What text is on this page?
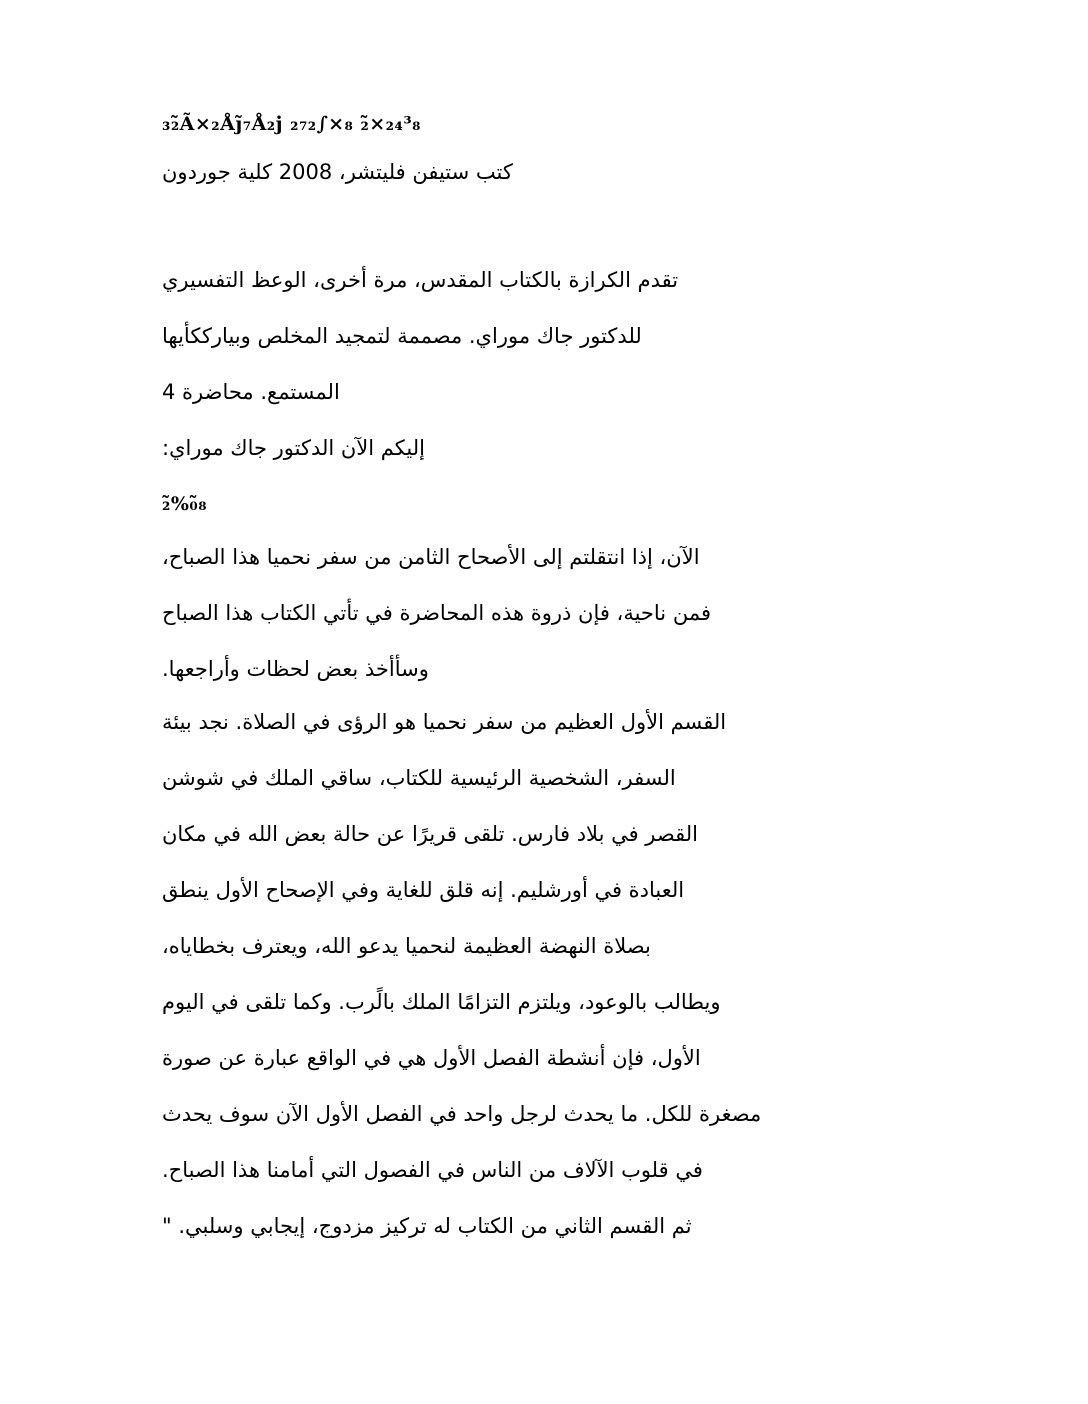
₃₂̃Ã×₂Åj̃₇Å₂j ₂₇₂∫×₈ ₂̃×₂₄³₈
كتب ستيفن فليتشر، 2008 كلية جوردون
تقدم الكرازة بالكتاب المقدس، مرة أخرى، الوعظ التفسيري
للدكتور جاك موراي. مصممة لتمجيد المخلص وبيارككأيها
المستمع. محاضرة 4
إليكم الآن الدكتور جاك موراي:
₂̃%₀̃₈
الآن، إذا انتقلتم إلى الأصحاح الثامن من سفر نحميا هذا الصباح،
فمن ناحية، فإن ذروة هذه المحاضرة في تأتي الكتاب هذا الصباح
وسأأخذ بعض لحظات وأراجعها.
القسم الأول العظيم من سفر نحميا هو الرؤى في الصلاة. نجد بيئة
السفر، الشخصية الرئيسية للكتاب، ساقي الملك في شوشن
القصر في بلاد فارس. تلقى قريرًا عن حالة بعض الله في مكان
العبادة في أورشليم. إنه قلق للغاية وفي الإصحاح الأول ينطق
بصلاة النهضة العظيمة لنحميا يدعو الله، ويعترف بخطاياه،
ويطالب بالوعود، ويلتزم التزامًا الملك بالًرب. وكما تلقى في اليوم
الأول، فإن أنشطة الفصل الأول هي في الواقع عبارة عن صورة
مصغرة للكل. ما يحدث لرجل واحد في الفصل الأول الآن سوف يحدث
في قلوب الآلاف من الناس في الفصول التي أمامنا هذا الصباح.
ثم القسم الثاني من الكتاب له تركيز مزدوج، إيجابي وسلبي. "
